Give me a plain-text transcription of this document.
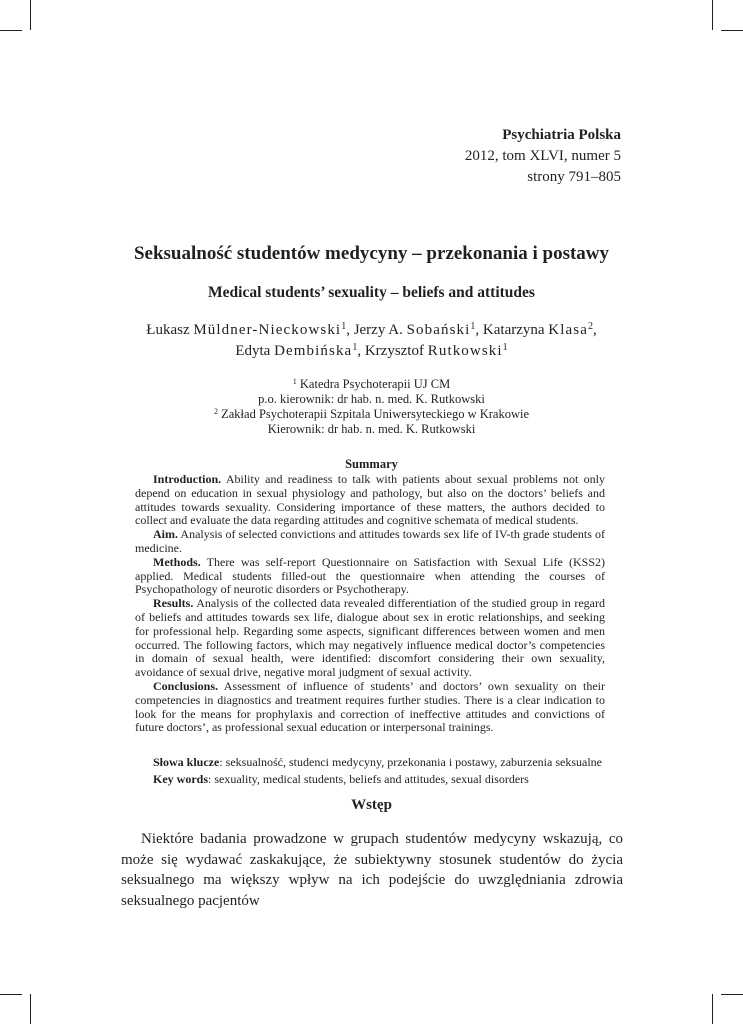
Psychiatria Polska
2012, tom XLVI, numer 5
strony 791–805
Seksualność studentów medycyny – przekonania i postawy
Medical students’ sexuality – beliefs and attitudes
Łukasz Müldner-Nieckowski$^1$, Jerzy A. Sobański$^1$, Katarzyna Klasa$^2$,
Edyta Dembińska$^1$, Krzysztof Rutkowski$^1$
$^1$ Katedra Psychoterapii UJ CM
p.o. kierownik: dr hab. n. med. K. Rutkowski
$^2$ Zakład Psychoterapii Szpitala Uniwersyteckiego w Krakowie
Kierownik: dr hab. n. med. K. Rutkowski
Summary

Introduction. Ability and readiness to talk with patients about sexual problems not only depend on education in sexual physiology and pathology, but also on the doctors’ beliefs and attitudes towards sexuality. Considering importance of these matters, the authors decided to collect and evaluate the data regarding attitudes and cognitive schemata of medical students.

Aim. Analysis of selected convictions and attitudes towards sex life of IV-th grade students of medicine.

Methods. There was self-report Questionnaire on Satisfaction with Sexual Life (KSS2) applied. Medical students filled-out the questionnaire when attending the courses of Psychopathology of neurotic disorders or Psychotherapy.

Results. Analysis of the collected data revealed differentiation of the studied group in regard of beliefs and attitudes towards sex life, dialogue about sex in erotic relationships, and seeking for professional help. Regarding some aspects, significant differences between women and men occurred. The following factors, which may negatively influence medical doctor’s competencies in domain of sexual health, were identified: discomfort considering their own sexuality, avoidance of sexual drive, negative moral judgment of sexual activity.

Conclusions. Assessment of influence of students’ and doctors’ own sexuality on their competencies in diagnostics and treatment requires further studies. There is a clear indication to look for the means for prophylaxis and correction of ineffective attitudes and convictions of future doctors’, as professional sexual education or interpersonal trainings.

Słowa klucze: seksualność, studenci medycyny, przekonania i postawy, zaburzenia seksualne
Key words: sexuality, medical students, beliefs and attitudes, sexual disorders
Wstęp

Niektóre badania prowadzone w grupach studentów medycyny wskazują, co może się wydawać zaskakujące, że subiektywny stosunek studentów do życia seksualnego ma większy wpływ na ich podejście do uwzględniania zdrowia seksualnego pacjentów
